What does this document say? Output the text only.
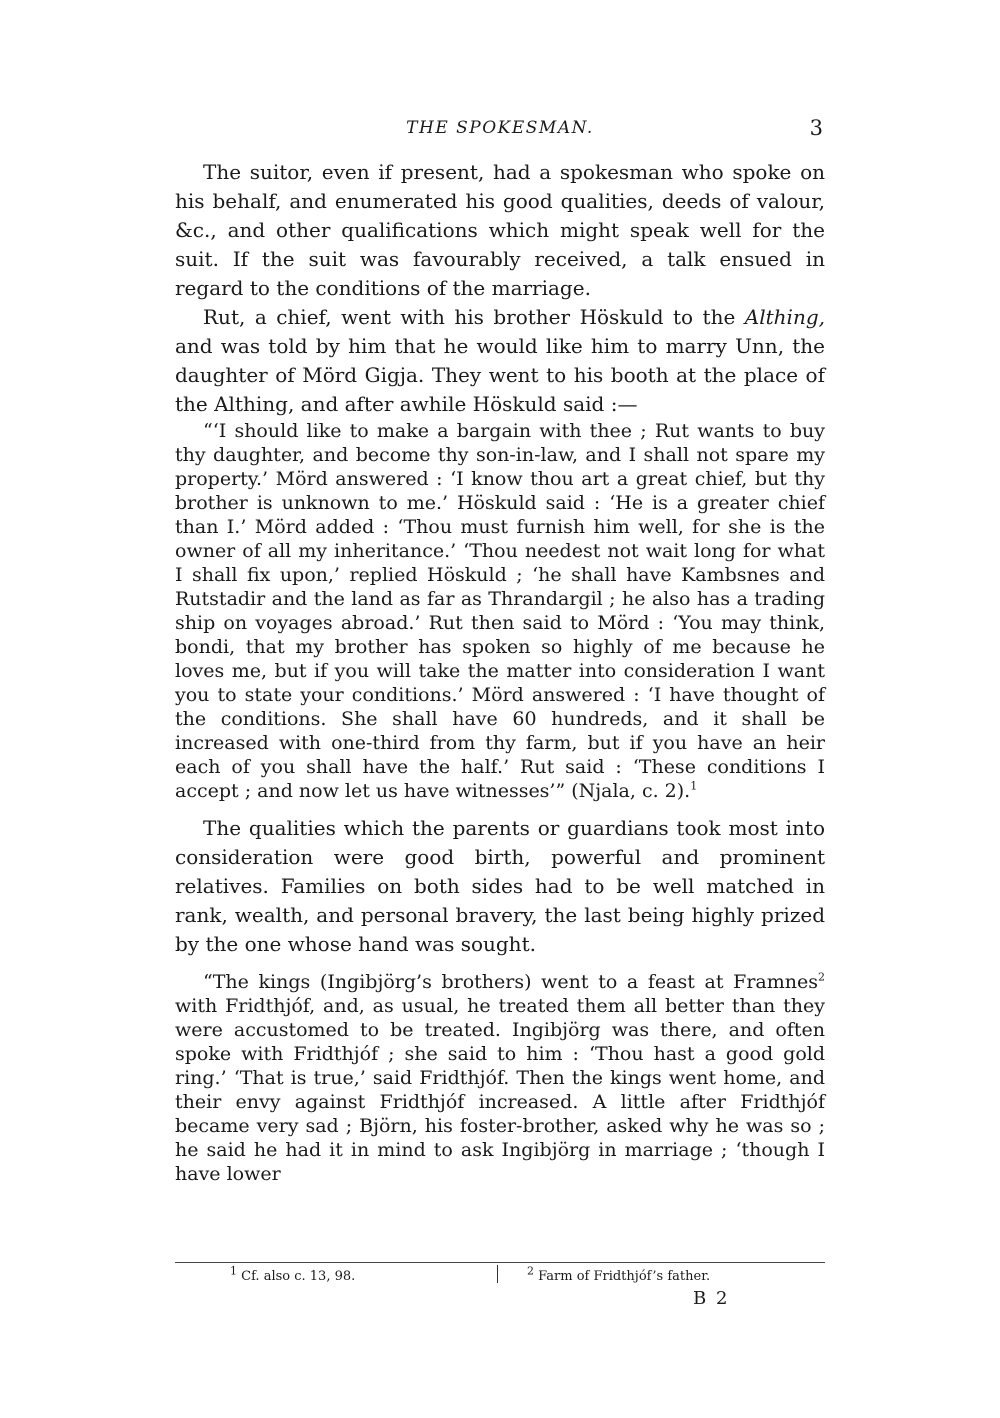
THE SPOKESMAN.	3

The suitor, even if present, had a spokesman who spoke on his behalf, and enumerated his good qualities, deeds of valour, &c., and other qualifications which might speak well for the suit. If the suit was favourably received, a talk ensued in regard to the conditions of the marriage.

Rut, a chief, went with his brother Höskuld to the Althing, and was told by him that he would like him to marry Unn, the daughter of Mörd Gigja. They went to his booth at the place of the Althing, and after awhile Höskuld said :—

“‘I should like to make a bargain with thee ; Rut wants to buy thy daughter, and become thy son-in-law, and I shall not spare my property.’ Mörd answered : ‘I know thou art a great chief, but thy brother is unknown to me.’ Höskuld said : ‘He is a greater chief than I.’ Mörd added : ‘Thou must furnish him well, for she is the owner of all my inheritance.’ ‘Thou needest not wait long for what I shall fix upon,’ replied Höskuld ; ‘he shall have Kambsnes and Rutstadir and the land as far as Thrandargil ; he also has a trading ship on voyages abroad.’ Rut then said to Mörd : ‘You may think, bondi, that my brother has spoken so highly of me because he loves me, but if you will take the matter into consideration I want you to state your conditions.’ Mörd answered : ‘I have thought of the conditions. She shall have 60 hundreds, and it shall be increased with one-third from thy farm, but if you have an heir each of you shall have the half.’ Rut said : ‘These conditions I accept ; and now let us have witnesses’” (Njala, c. 2).$^1$

The qualities which the parents or guardians took most into consideration were good birth, powerful and prominent relatives. Families on both sides had to be well matched in rank, wealth, and personal bravery, the last being highly prized by the one whose hand was sought.

“The kings (Ingibjörg’s brothers) went to a feast at Framnes$^2$ with Fridthjóf, and, as usual, he treated them all better than they were accustomed to be treated. Ingibjörg was there, and often spoke with Fridthjóf ; she said to him : ‘Thou hast a good gold ring.’ ‘That is true,’ said Fridthjóf. Then the kings went home, and their envy against Fridthjóf increased. A little after Fridthjóf became very sad ; Björn, his foster-brother, asked why he was so ; he said he had it in mind to ask Ingibjörg in marriage ; ‘though I have lower

$^1$ Cf. also c. 13, 98.	$^2$ Farm of Fridthjóf’s father.
B 2
